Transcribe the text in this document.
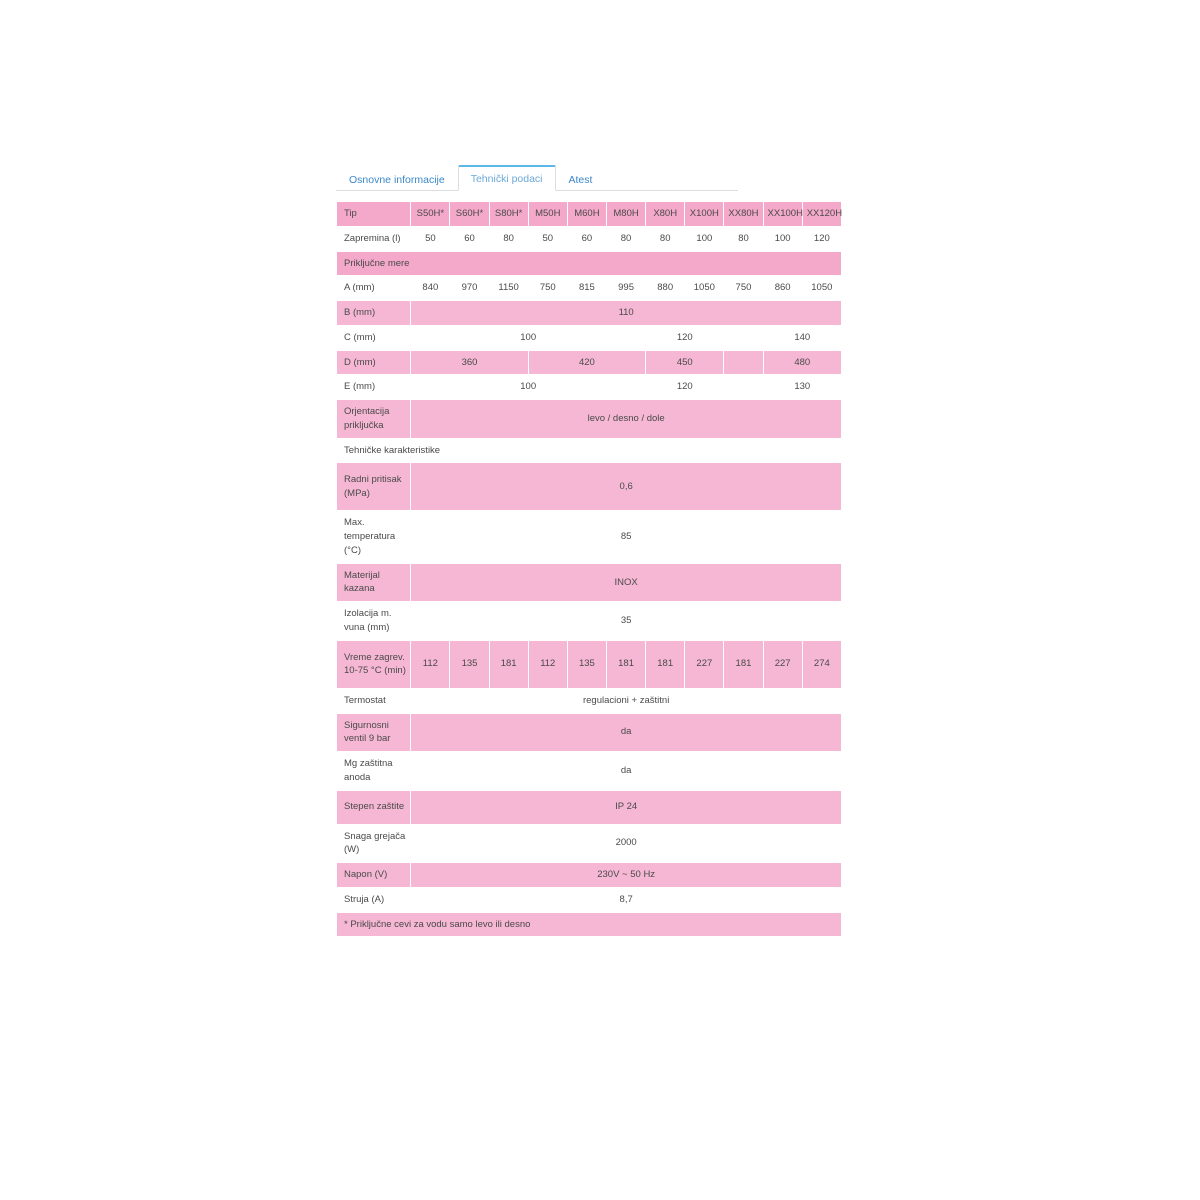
Osnovne informacije	Tehnički podaci	Atest
Tip	S50H*	S60H*	S80H*	M50H	M60H	M80H	X80H	X100H	XX80H	XX100H	XX120H
Zapremina (l)	50	60	80	50	60	80	80	100	80	100	120
Priključne mere											
A (mm)	840	970	1150	750	815	995	880	1050	750	860	1050
B (mm)	110										
C (mm)	100						120			140	
D (mm)	360			420			450			480	
E (mm)	100						120			130	
Orjentacija priključka	levo / desno / dole										
Tehničke karakteristike											
Radni pritisak (MPa)	0,6										
Max. temperatura (°C)	85										
Materijal kazana	INOX										
Izolacija m. vuna (mm)	35										
Vreme zagrev. 10-75 °C (min)	112	135	181	112	135	181	181	227	181	227	274
Termostat	regulacioni + zaštitni										
Sigurnosni ventil 9 bar	da										
Mg zaštitna anoda	da										
Stepen zaštite	IP 24										
Snaga grejača (W)	2000										
Napon (V)	230V ~ 50 Hz										
Struja (A)	8,7										
* Priključne cevi za vodu samo levo ili desno											
